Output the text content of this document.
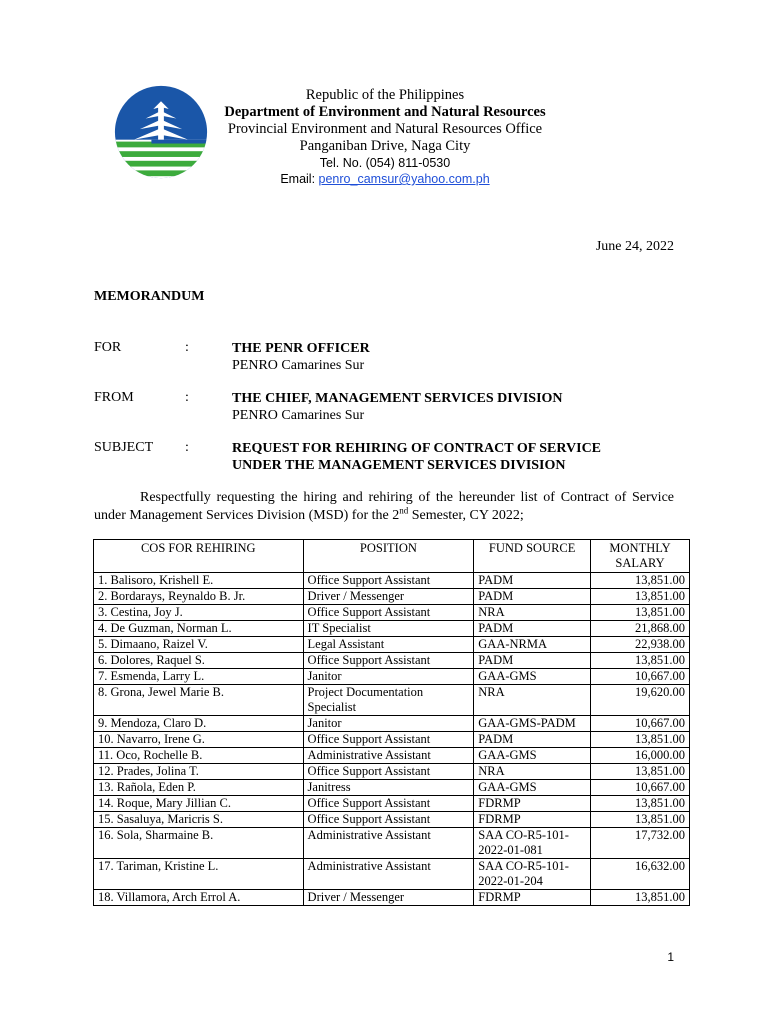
Republic of the Philippines
Department of Environment and Natural Resources
Provincial Environment and Natural Resources Office
Panganiban Drive, Naga City
Tel. No. (054) 811-0530
Email: penro_camsur@yahoo.com.ph
June 24, 2022
MEMORANDUM
FOR	:	THE PENR OFFICER
PENRO Camarines Sur
FROM	:	THE CHIEF, MANAGEMENT SERVICES DIVISION
PENRO Camarines Sur
SUBJECT :	REQUEST FOR REHIRING OF CONTRACT OF SERVICE
UNDER THE MANAGEMENT SERVICES DIVISION
Respectfully requesting the hiring and rehiring of the hereunder list of Contract of Service under Management Services Division (MSD) for the 2nd Semester, CY 2022;
COS FOR REHIRING	POSITION	FUND SOURCE	MONTHLY SALARY
1. Balisoro, Krishell E.	Office Support Assistant	PADM	13,851.00
2. Bordarays, Reynaldo B. Jr.	Driver / Messenger	PADM	13,851.00
3. Cestina, Joy J.	Office Support Assistant	NRA	13,851.00
4. De Guzman, Norman L.	IT Specialist	PADM	21,868.00
5. Dimaano, Raizel V.	Legal Assistant	GAA-NRMA	22,938.00
6. Dolores, Raquel S.	Office Support Assistant	PADM	13,851.00
7. Esmenda, Larry L.	Janitor	GAA-GMS	10,667.00
8. Grona, Jewel Marie B.	Project Documentation Specialist	NRA	19,620.00
9. Mendoza, Claro D.	Janitor	GAA-GMS-PADM	10,667.00
10. Navarro, Irene G.	Office Support Assistant	PADM	13,851.00
11. Oco, Rochelle B.	Administrative Assistant	GAA-GMS	16,000.00
12. Prades, Jolina T.	Office Support Assistant	NRA	13,851.00
13. Rañola, Eden P.	Janitress	GAA-GMS	10,667.00
14. Roque, Mary Jillian C.	Office Support Assistant	FDRMP	13,851.00
15. Sasaluya, Maricris S.	Office Support Assistant	FDRMP	13,851.00
16. Sola, Sharmaine B.	Administrative Assistant	SAA CO-R5-101-2022-01-081	17,732.00
17. Tariman, Kristine L.	Administrative Assistant	SAA CO-R5-101-2022-01-204	16,632.00
18. Villamora, Arch Errol A.	Driver / Messenger	FDRMP	13,851.00
1
